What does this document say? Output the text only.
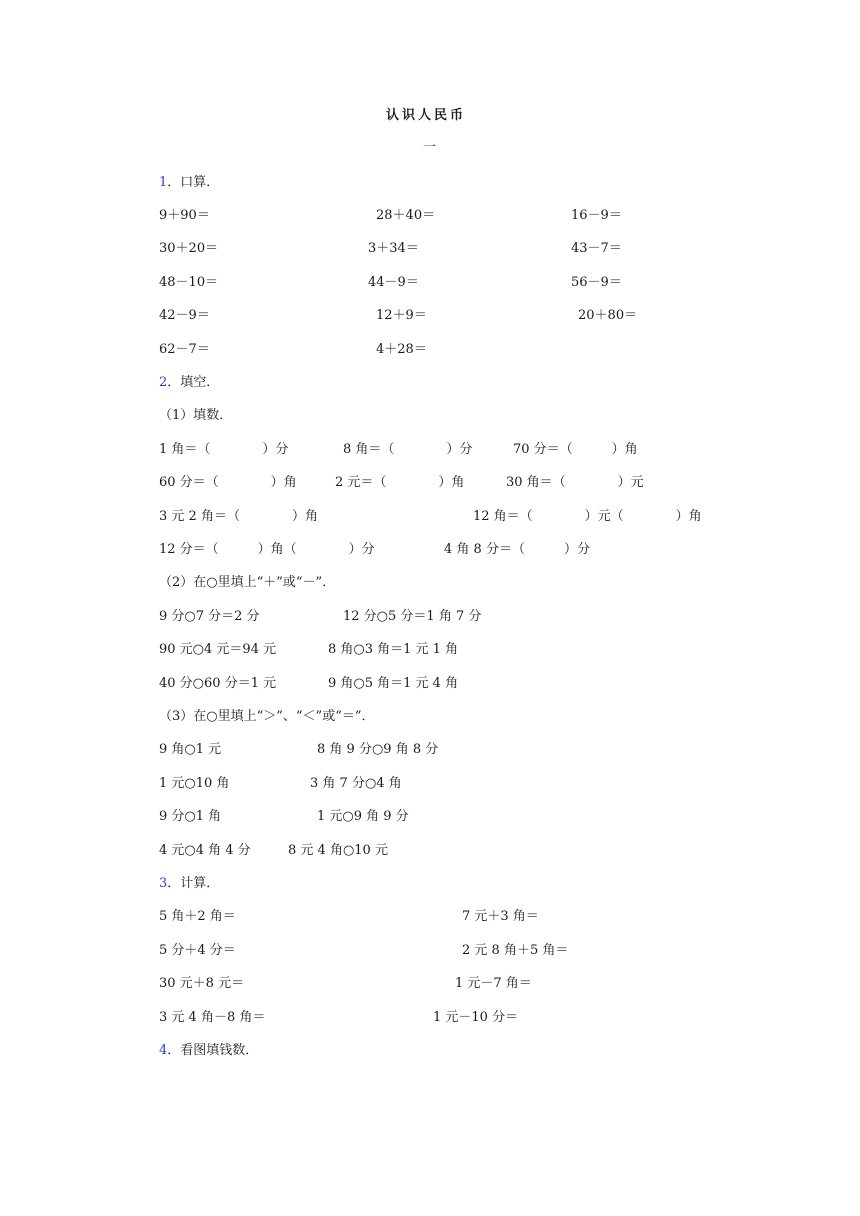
认识人民币
一
1．口算．
9＋90＝	28＋40＝	16－9＝
30＋20＝	3＋34＝	43－7＝
48－10＝	44－9＝	56－9＝
42－9＝	12＋9＝	20＋80＝
62－7＝	4＋28＝
2．填空．
（1）填数．
1 角＝（　　　　）分	8 角＝（　　　　）分	70 分＝（　　　）角
60 分＝（　　　　）角	2 元＝（　　　　）角	30 角＝（　　　　）元
3 元 2 角＝（　　　　）角	12 角＝（　　　　）元（　　　　）角
12 分＝（　　　）角（　　　　）分	4 角 8 分＝（　　　）分
（2）在○里填上“＋”或“－”．
9 分○7 分＝2 分	12 分○5 分＝1 角 7 分
90 元○4 元＝94 元	8 角○3 角＝1 元 1 角
40 分○60 分＝1 元	9 角○5 角＝1 元 4 角
（3）在○里填上“＞”、“＜”或“＝”．
9 角○1 元	8 角 9 分○9 角 8 分
1 元○10 角	3 角 7 分○4 角
9 分○1 角	1 元○9 角 9 分
4 元○4 角 4 分	8 元 4 角○10 元
3．计算．
5 角＋2 角＝	7 元＋3 角＝
5 分＋4 分＝	2 元 8 角＋5 角＝
30 元＋8 元＝	1 元－7 角＝
3 元 4 角－8 角＝	1 元－10 分＝
4．看图填钱数．
